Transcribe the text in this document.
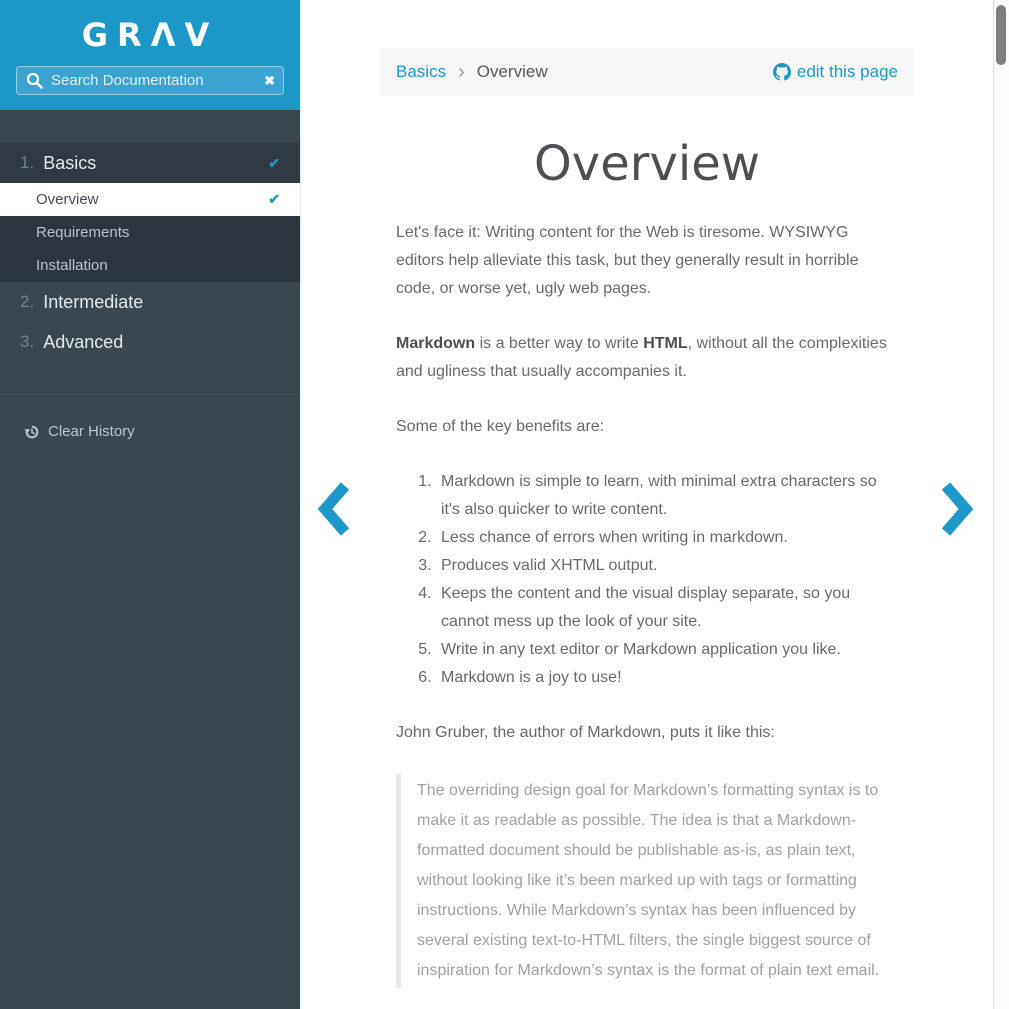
GRΛV
Search Documentation
✖
1. Basics	✔
Overview	✔
Requirements
Installation
2. Intermediate
3. Advanced
Clear History
Basics › Overview	edit this page
Overview

Let's face it: Writing content for the Web is tiresome. WYSIWYG editors help alleviate this task, but they generally result in horrible code, or worse yet, ugly web pages.

Markdown is a better way to write HTML, without all the complexities and ugliness that usually accompanies it.

Some of the key benefits are:

1. Markdown is simple to learn, with minimal extra characters so it's also quicker to write content.
2. Less chance of errors when writing in markdown.
3. Produces valid XHTML output.
4. Keeps the content and the visual display separate, so you cannot mess up the look of your site.
5. Write in any text editor or Markdown application you like.
6. Markdown is a joy to use!

John Gruber, the author of Markdown, puts it like this:

The overriding design goal for Markdown’s formatting syntax is to make it as readable as possible. The idea is that a Markdown-formatted document should be publishable as-is, as plain text, without looking like it’s been marked up with tags or formatting instructions. While Markdown’s syntax has been influenced by several existing text-to-HTML filters, the single biggest source of inspiration for Markdown’s syntax is the format of plain text email.
